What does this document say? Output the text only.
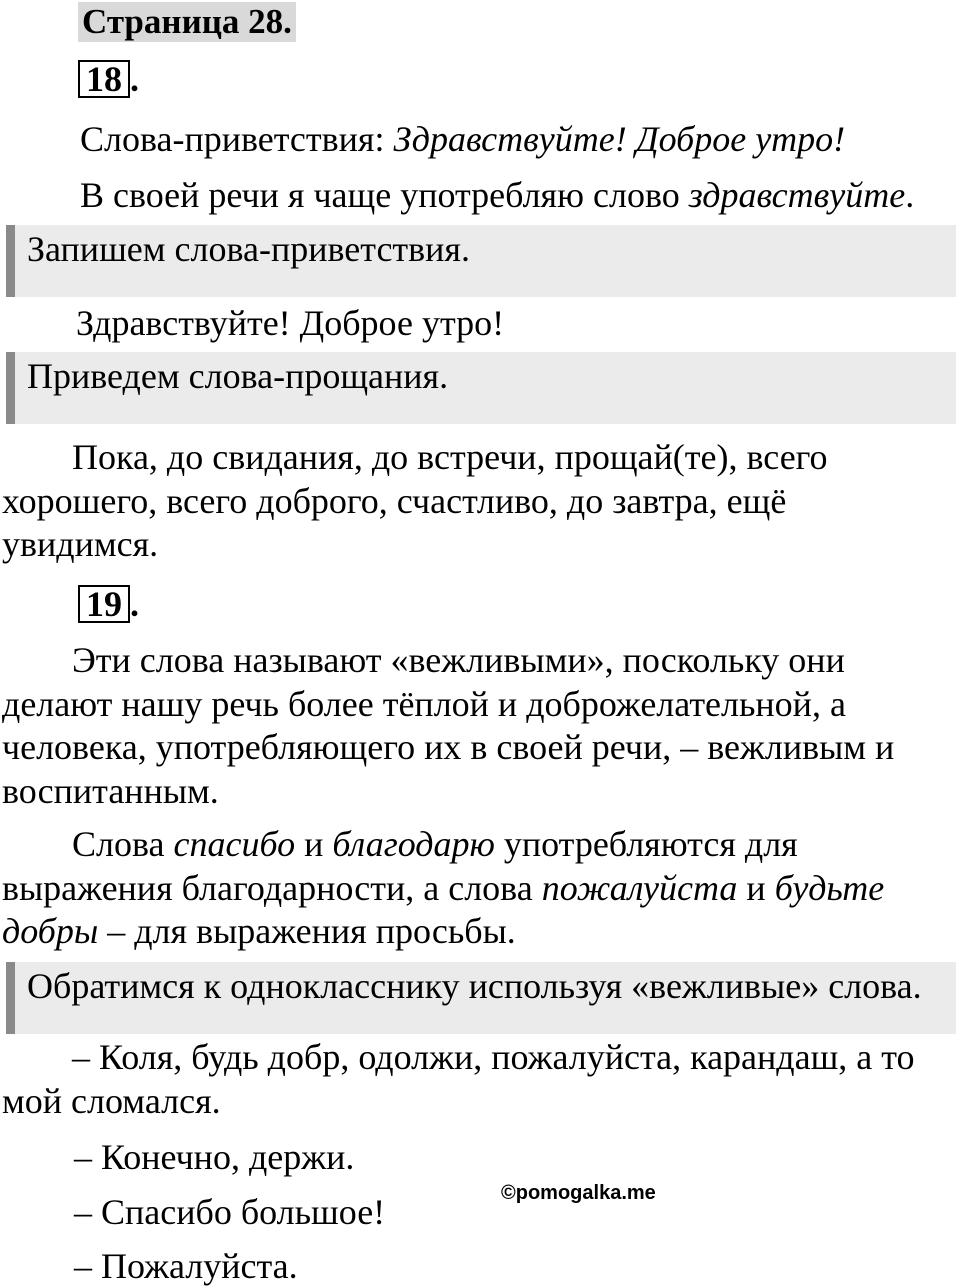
Страница 28.
18 .

Слова-приветствия: Здравствуйте! Доброе утро!

В своей речи я чаще употребляю слово здравствуйте.

Запишем слова-приветствия.

Здравствуйте! Доброе утро!

Приведем слова-прощания.
Пока, до свидания, до встречи, прощай(те), всего
хорошего, всего доброго, счастливо, до завтра, ещё
увидимся.
19 .
Эти слова называют «вежливыми», поскольку они
делают нашу речь более тёплой и доброжелательной, а
человека, употребляющего их в своей речи, – вежливым и
воспитанным.
Слова спасибо и благодарю употребляются для
выражения благодарности, а слова пожалуйста и будьте
добры – для выражения просьбы.
Обратимся к однокласснику используя «вежливые» слова.
– Коля, будь добр, одолжи, пожалуйста, карандаш, а то
мой сломался.

– Конечно, держи.

– Спасибо большое!

– Пожалуйста.

©pomogalka.me
